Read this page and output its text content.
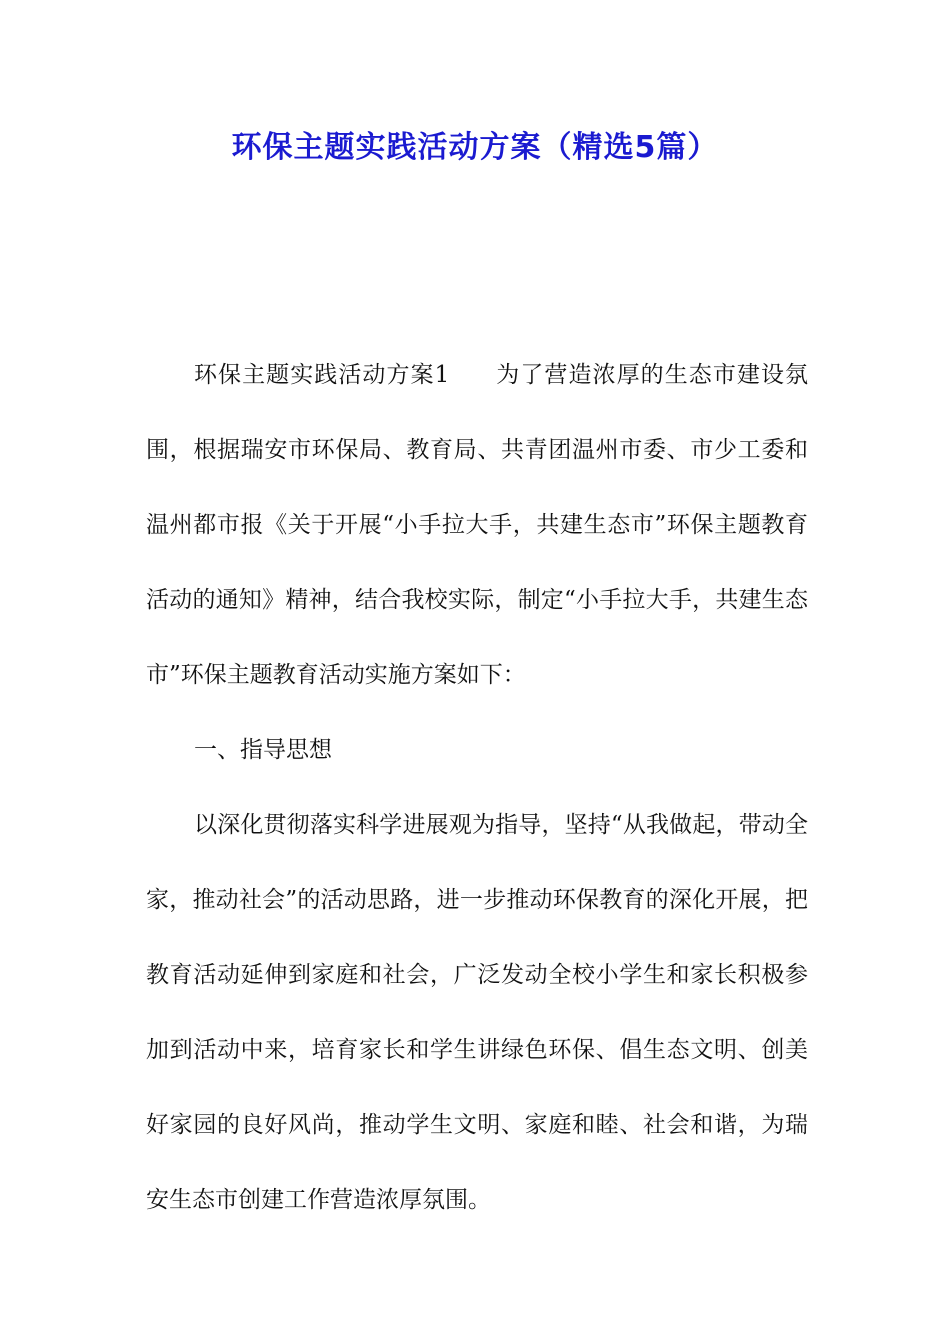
环保主题实践活动方案（精选5篇）

环保主题实践活动方案1 为了营造浓厚的生态市建设氛围，根据瑞安市环保局、教育局、共青团温州市委、市少工委和温州都市报《关于开展“小手拉大手，共建生态市”环保主题教育活动的通知》精神，结合我校实际，制定“小手拉大手，共建生态市”环保主题教育活动实施方案如下：

一、指导思想

以深化贯彻落实科学进展观为指导，坚持“从我做起，带动全家，推动社会”的活动思路，进一步推动环保教育的深化开展，把教育活动延伸到家庭和社会，广泛发动全校小学生和家长积极参加到活动中来，培育家长和学生讲绿色环保、倡生态文明、创美好家园的良好风尚，推动学生文明、家庭和睦、社会和谐，为瑞安生态市创建工作营造浓厚氛围。
